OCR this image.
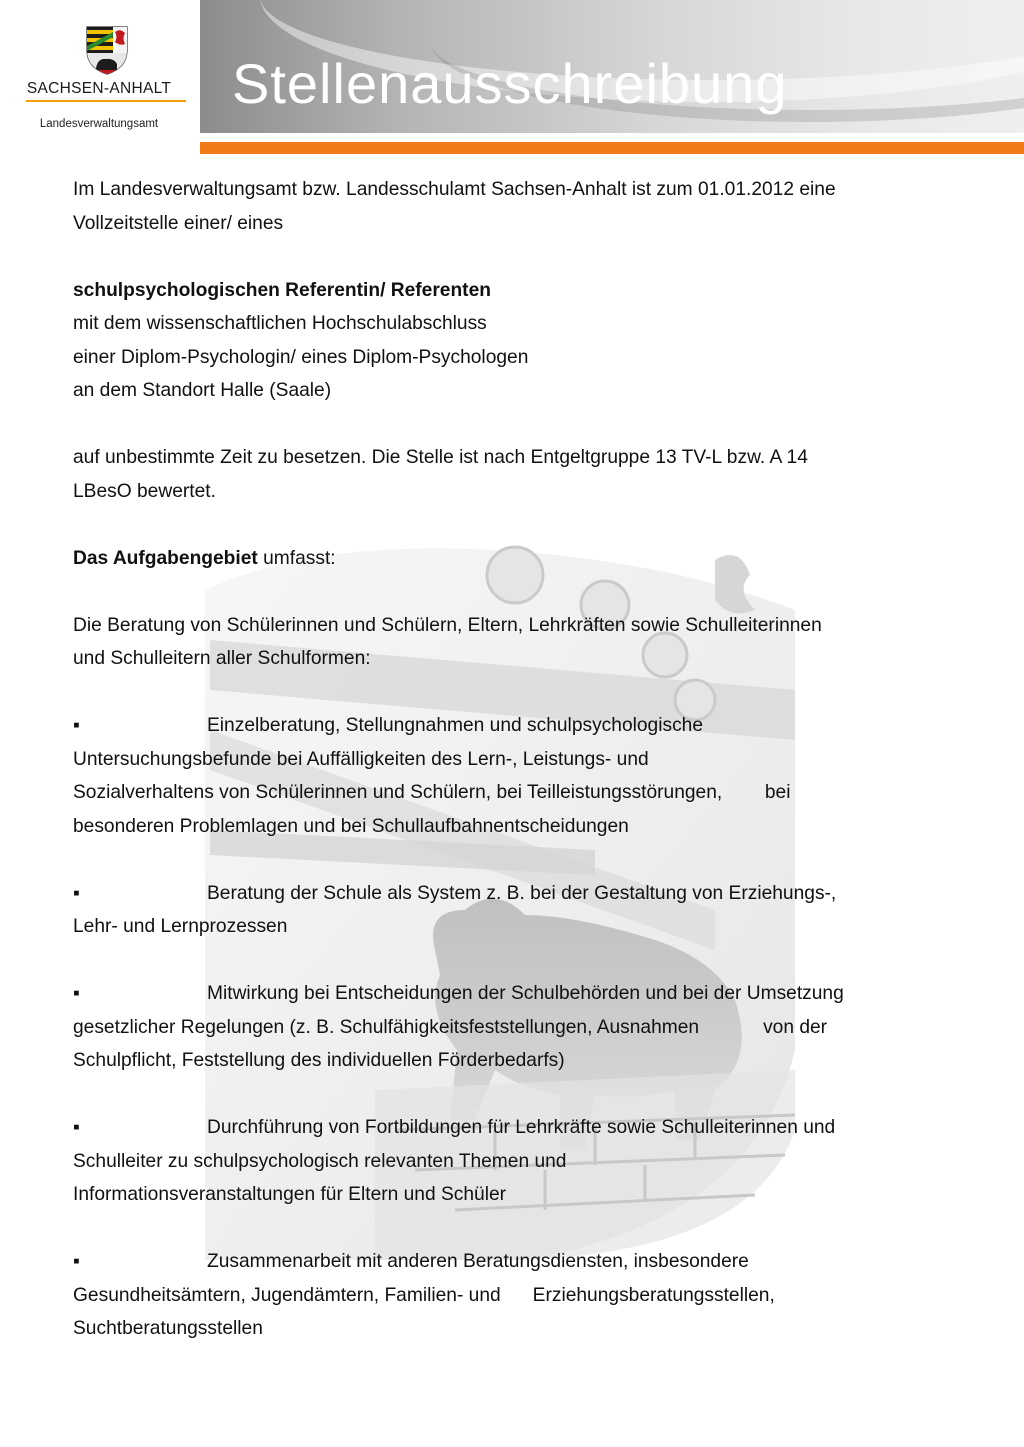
SACHSEN-ANHALT
Landesverwaltungsamt
Stellenausschreibung

Im Landesverwaltungsamt bzw. Landesschulamt Sachsen-Anhalt ist zum 01.01.2012 eine

Vollzeitstelle einer/ eines

schulpsychologischen Referentin/ Referenten

mit dem wissenschaftlichen Hochschulabschluss

einer Diplom-Psychologin/ eines Diplom-Psychologen

an dem Standort Halle (Saale)

auf unbestimmte Zeit zu besetzen. Die Stelle ist nach Entgeltgruppe 13 TV-L bzw. A 14

LBesO bewertet.

Das Aufgabengebiet umfasst:

Die Beratung von Schülerinnen und Schülern, Eltern, Lehrkräften sowie Schulleiterinnen

und Schulleitern aller Schulformen:

▪	Einzelberatung, Stellungnahmen und schulpsychologische

Untersuchungsbefunde bei Auffälligkeiten des Lern-, Leistungs- und

Sozialverhaltens von Schülerinnen und Schülern, bei Teilleistungsstörungen,        bei

besonderen Problemlagen und bei Schullaufbahnentscheidungen

▪	Beratung der Schule als System z. B. bei der Gestaltung von Erziehungs-,

Lehr- und Lernprozessen

▪	Mitwirkung bei Entscheidungen der Schulbehörden und bei der Umsetzung

gesetzlicher Regelungen (z. B. Schulfähigkeitsfeststellungen, Ausnahmen            von der

Schulpflicht, Feststellung des individuellen Förderbedarfs)

▪	Durchführung von Fortbildungen für Lehrkräfte sowie Schulleiterinnen und

Schulleiter zu schulpsychologisch relevanten Themen und

Informationsveranstaltungen für Eltern und Schüler

▪	Zusammenarbeit mit anderen Beratungsdiensten, insbesondere

Gesundheitsämtern, Jugendämtern, Familien- und      Erziehungsberatungsstellen,

Suchtberatungsstellen
